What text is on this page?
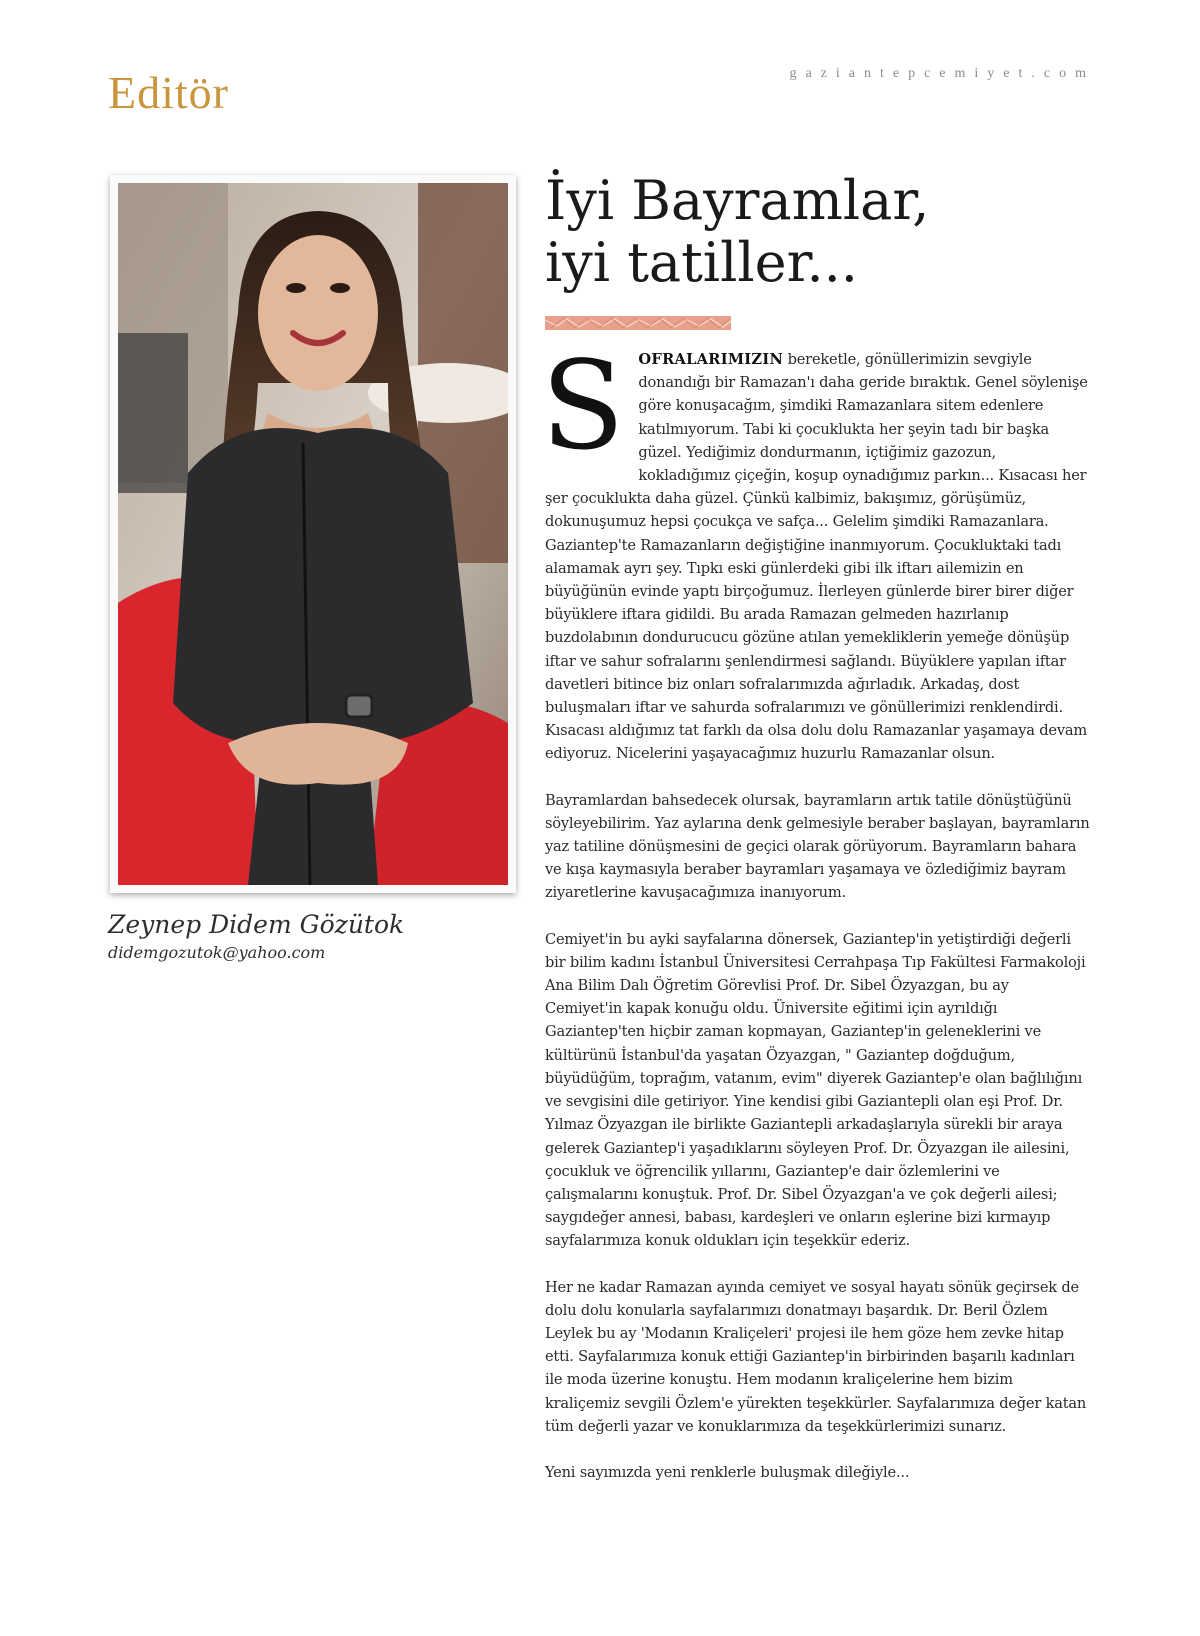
Editör	gaziantepcemiyet.com
Zeynep Didem Gözütok
didemgozutok@yahoo.com
İyi Bayramlar,
iyi tatiller...

SOFRALARIMIZIN bereketle, gönüllerimizin sevgiyle donandığı bir Ramazan'ı daha geride bıraktık. Genel söylenişe göre konuşacağım, şimdiki Ramazanlara sitem edenlere katılmıyorum. Tabi ki çocuklukta her şeyin tadı bir başka güzel. Yediğimiz dondurmanın, içtiğimiz gazozun, kokladığımız çiçeğin, koşup oynadığımız parkın... Kısacası her şer çocuklukta daha güzel. Çünkü kalbimiz, bakışımız, görüşümüz, dokunuşumuz hepsi çocukça ve safça... Gelelim şimdiki Ramazanlara. Gaziantep'te Ramazanların değiştiğine inanmıyorum. Çocukluktaki tadı alamamak ayrı şey. Tıpkı eski günlerdeki gibi ilk iftarı ailemizin en büyüğünün evinde yaptı birçoğumuz. İlerleyen günlerde birer birer diğer büyüklere iftara gidildi. Bu arada Ramazan gelmeden hazırlanıp buzdolabının dondurucucu gözüne atılan yemekliklerin yemeğe dönüşüp iftar ve sahur sofralarını şenlendirmesi sağlandı. Büyüklere yapılan iftar davetleri bitince biz onları sofralarımızda ağırladık. Arkadaş, dost buluşmaları iftar ve sahurda sofralarımızı ve gönüllerimizi renklendirdi. Kısacası aldığımız tat farklı da olsa dolu dolu Ramazanlar yaşamaya devam ediyoruz. Nicelerini yaşayacağımız huzurlu Ramazanlar olsun.

Bayramlardan bahsedecek olursak, bayramların artık tatile dönüştüğünü söyleyebilirim. Yaz aylarına denk gelmesiyle beraber başlayan, bayramların yaz tatiline dönüşmesini de geçici olarak görüyorum. Bayramların bahara ve kışa kaymasıyla beraber bayramları yaşamaya ve özlediğimiz bayram ziyaretlerine kavuşacağımıza inanıyorum.

Cemiyet'in bu ayki sayfalarına dönersek, Gaziantep'in yetiştirdiği değerli bir bilim kadını İstanbul Üniversitesi Cerrahpaşa Tıp Fakültesi Farmakoloji Ana Bilim Dalı Öğretim Görevlisi Prof. Dr. Sibel Özyazgan, bu ay Cemiyet'in kapak konuğu oldu. Üniversite eğitimi için ayrıldığı Gaziantep'ten hiçbir zaman kopmayan, Gaziantep'in geleneklerini ve kültürünü İstanbul'da yaşatan Özyazgan, " Gaziantep doğduğum, büyüdüğüm, toprağım, vatanım, evim" diyerek Gaziantep'e olan bağlılığını ve sevgisini dile getiriyor. Yine kendisi gibi Gaziantepli olan eşi Prof. Dr. Yılmaz Özyazgan ile birlikte Gaziantepli arkadaşlarıyla sürekli bir araya gelerek Gaziantep'i yaşadıklarını söyleyen Prof. Dr. Özyazgan ile ailesini, çocukluk ve öğrencilik yıllarını, Gaziantep'e dair özlemlerini ve çalışmalarını konuştuk. Prof. Dr. Sibel Özyazgan'a ve çok değerli ailesi; saygıdeğer annesi, babası, kardeşleri ve onların eşlerine bizi kırmayıp sayfalarımıza konuk oldukları için teşekkür ederiz.

Her ne kadar Ramazan ayında cemiyet ve sosyal hayatı sönük geçirsek de dolu dolu konularla sayfalarımızı donatmayı başardık. Dr. Beril Özlem Leylek bu ay 'Modanın Kraliçeleri' projesi ile hem göze hem zevke hitap etti. Sayfalarımıza konuk ettiği Gaziantep'in birbirinden başarılı kadınları ile moda üzerine konuştu. Hem modanın kraliçelerine hem bizim kraliçemiz sevgili Özlem'e yürekten teşekkürler. Sayfalarımıza değer katan tüm değerli yazar ve konuklarımıza da teşekkürlerimizi sunarız.

Yeni sayımızda yeni renklerle buluşmak dileğiyle...
